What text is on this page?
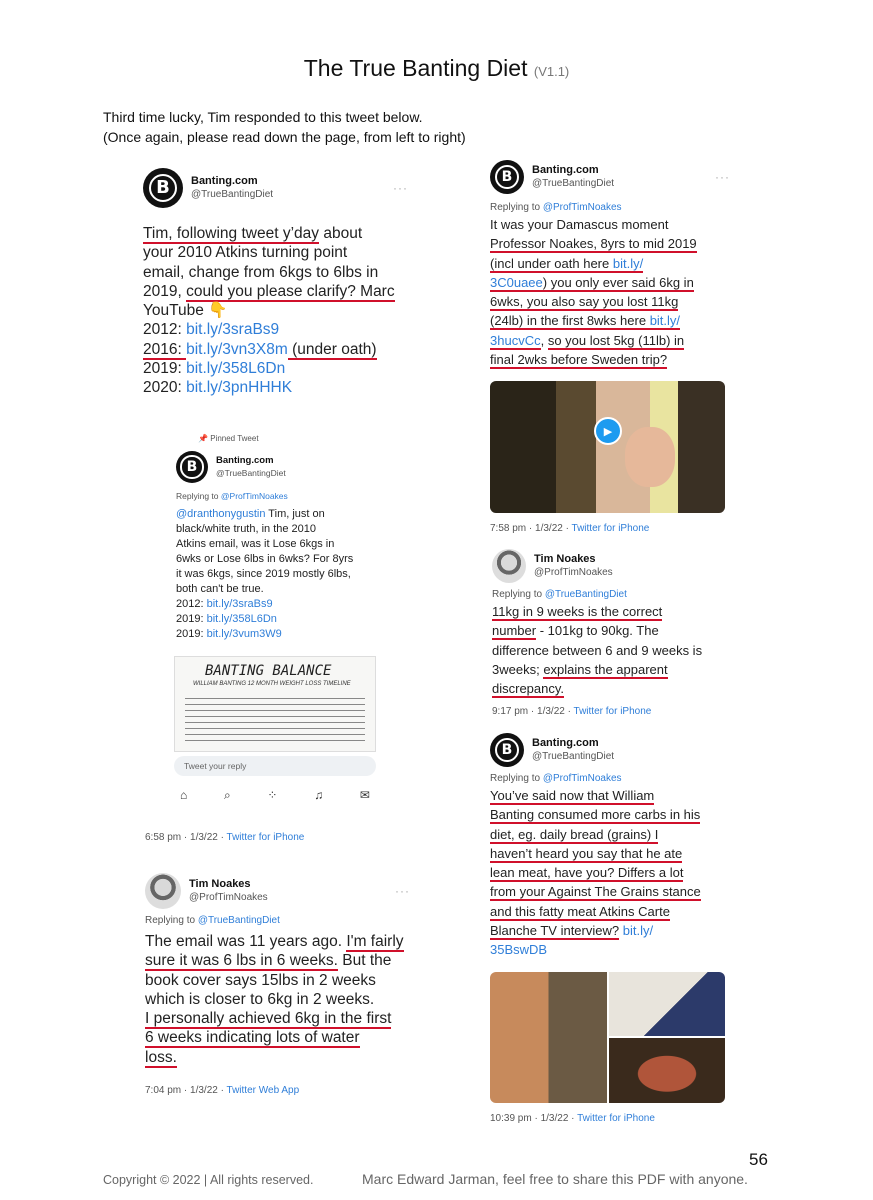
The True Banting Diet (V1.1)
Third time lucky, Tim responded to this tweet below.
(Once again, please read down the page, from left to right)
B	Banting.com
@TrueBantingDiet	···
Tim, following tweet y’day about
your 2010 Atkins turning point
email, change from 6kgs to 6lbs in
2019, could you please clarify? Marc
YouTube 👇
2012: bit.ly/3sraBs9
2016: bit.ly/3vn3X8m (under oath)
2019: bit.ly/358L6Dn
2020: bit.ly/3pnHHHK
📌 Pinned Tweet
B	Banting.com
@TrueBantingDiet
Replying to @ProfTimNoakes
@dranthonygustin Tim, just on
black/white truth, in the 2010
Atkins email, was it Lose 6kgs in
6wks or Lose 6lbs in 6wks? For 8yrs
it was 6kgs, since 2019 mostly 6lbs,
both can't be true.
2012: bit.ly/3sraBs9
2019: bit.ly/358L6Dn
2019: bit.ly/3vum3W9
BANTING BALANCE
WILLIAM BANTING 12 MONTH WEIGHT LOSS TIMELINE
Tweet your reply
⌂	⌕	⁘	♫	✉
6:58 pm · 1/3/22 · Twitter for iPhone
Tim Noakes
@ProfTimNoakes	···
Replying to @TrueBantingDiet
The email was 11 years ago. I'm fairly
sure it was 6 lbs in 6 weeks. But the
book cover says 15lbs in 2 weeks
which is closer to 6kg in 2 weeks.
I personally achieved 6kg in the first
6 weeks indicating lots of water
loss.
7:04 pm · 1/3/22 · Twitter Web App
B	Banting.com
@TrueBantingDiet	···
Replying to @ProfTimNoakes
It was your Damascus moment
Professor Noakes, 8yrs to mid 2019
(incl under oath here bit.ly/
3C0uaee) you only ever said 6kg in
6wks, you also say you lost 11kg
(24lb) in the first 8wks here bit.ly/
3hucvCc, so you lost 5kg (11lb) in
final 2wks before Sweden trip?
▶
7:58 pm · 1/3/22 · Twitter for iPhone
Tim Noakes
@ProfTimNoakes
Replying to @TrueBantingDiet
11kg in 9 weeks is the correct
number - 101kg to 90kg. The
difference between 6 and 9 weeks is
3weeks; explains the apparent
discrepancy.
9:17 pm · 1/3/22 · Twitter for iPhone
B	Banting.com
@TrueBantingDiet
Replying to @ProfTimNoakes
You’ve said now that William
Banting consumed more carbs in his
diet, eg. daily bread (grains) I
haven’t heard you say that he ate
lean meat, have you? Differs a lot
from your Against The Grains stance
and this fatty meat Atkins Carte
Blanche TV interview? bit.ly/
35BswDB
10:39 pm · 1/3/22 · Twitter for iPhone
56
Copyright © 2022 | All rights reserved.	Marc Edward Jarman, feel free to share this PDF with anyone.
